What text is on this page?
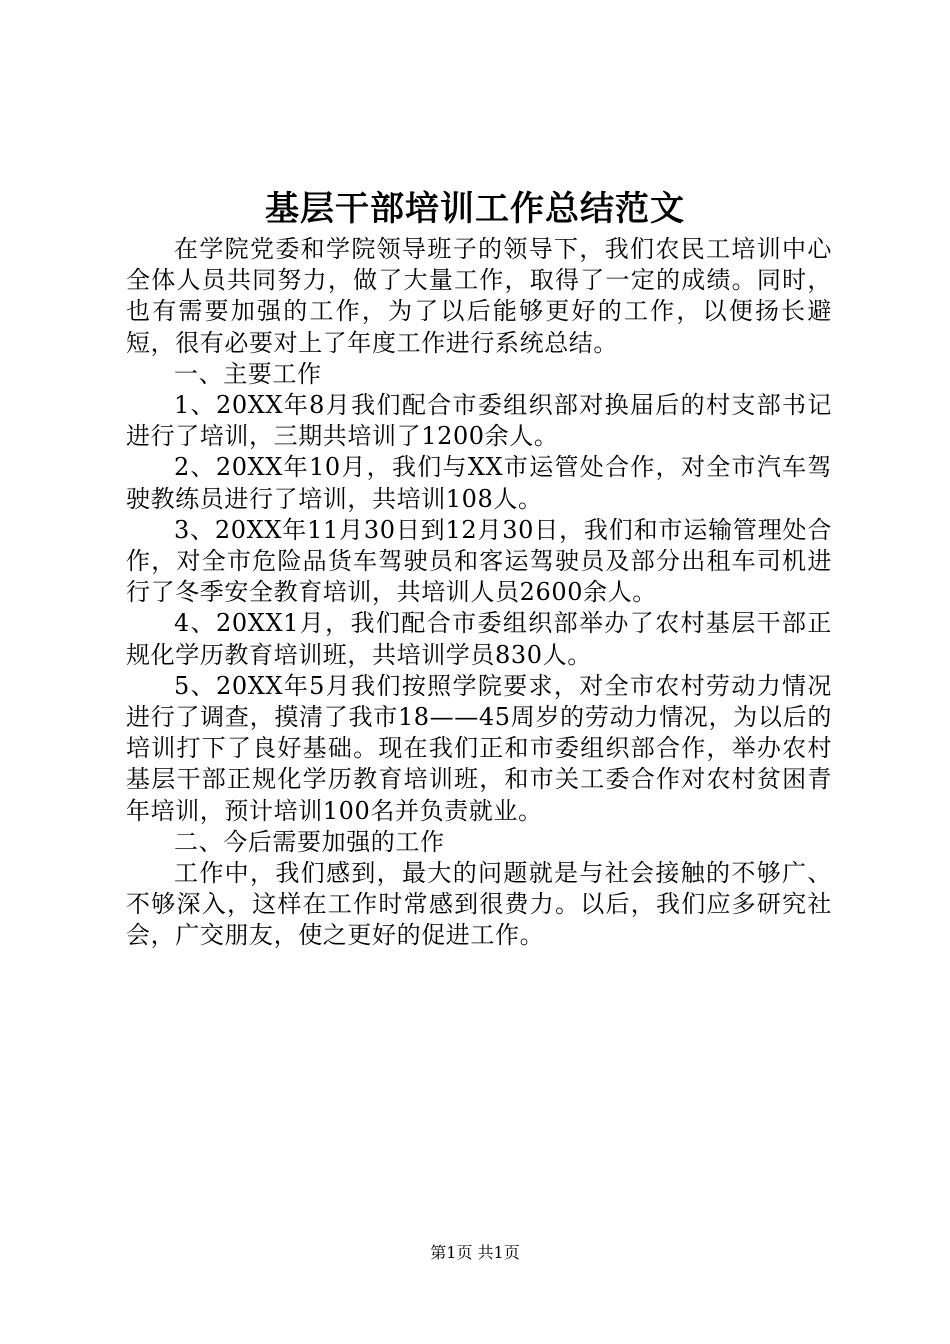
基层干部培训工作总结范文

在学院党委和学院领导班子的领导下，我们农民工培训中心全体人员共同努力，做了大量工作，取得了一定的成绩。同时，也有需要加强的工作，为了以后能够更好的工作，以便扬长避短，很有必要对上了年度工作进行系统总结。

一、主要工作

1、20XX年8月我们配合市委组织部对换届后的村支部书记进行了培训，三期共培训了1200余人。

2、20XX年10月，我们与XX市运管处合作，对全市汽车驾驶教练员进行了培训，共培训108人。

3、20XX年11月30日到12月30日，我们和市运输管理处合作，对全市危险品货车驾驶员和客运驾驶员及部分出租车司机进行了冬季安全教育培训，共培训人员2600余人。

4、20XX1月，我们配合市委组织部举办了农村基层干部正规化学历教育培训班，共培训学员830人。

5、20XX年5月我们按照学院要求，对全市农村劳动力情况进行了调查，摸清了我市18——45周岁的劳动力情况，为以后的培训打下了良好基础。现在我们正和市委组织部合作，举办农村基层干部正规化学历教育培训班，和市关工委合作对农村贫困青年培训，预计培训100名并负责就业。

二、今后需要加强的工作

工作中，我们感到，最大的问题就是与社会接触的不够广、不够深入，这样在工作时常感到很费力。以后，我们应多研究社会，广交朋友，使之更好的促进工作。

第1页 共1页
